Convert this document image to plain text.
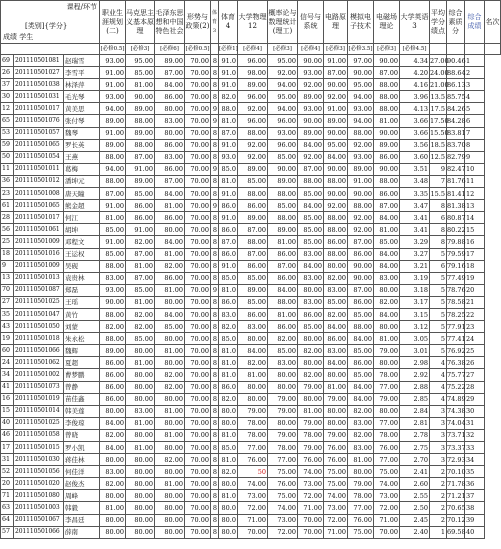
课程/环节
[类别]{学分}
成绩 学生			职业生涯规划(二)	马克思主义基本原理	毛泽东思想和中国特色社会	形势与政策(2)	体育3	体育4	大学物理12	概率论与数理统计(理工)	信号与系统	电路原理	模拟电子技术	电磁场理论	大学英语3	平均学分绩点	综合素质分	综合成绩	名次
			[必修0.5]	[必修3]	[必修6]	[必修0.5]		[必修1]	[必修4]	[必修3]	[必修4]	[必修3]	[必修3.5]	[必修3]	[必修4.5]				
69	201110501081	赵瑞雪	93.00	95.00	89.00	70.00	8	91.0	96.00	95.00	90.00	91.00	97.00	90.00	4.34	27.00	90.46	1	
26	201110501027	李雪平	91.00	85.00	87.00	70.00	8	91.0	98.00	92.00	93.00	87.00	90.00	87.00	4.20	24.00	88.64	2	
37	201110501038	林泽萍	91.00	81.00	84.00	70.00	8	91.0	89.00	94.00	92.00	90.00	95.00	88.00	4.16	21.00	86.13	3	
30	201110501031	毛光琴	93.00	90.00	86.00	70.00	8	82.0	96.00	95.00	89.00	92.00	94.00	88.00	3.96	13.5	85.75	4	
12	201110501017	黄美思	94.00	89.00	80.00	70.00	9	88.0	92.00	94.00	93.00	91.00	93.00	88.00	4.13	17.5	84.26	5	
65	201110501076	张付琴	89.00	88.00	83.00	70.00	9	81.0	96.00	96.00	90.00	89.00	94.00	81.00	3.66	17.50	84.28	6	
53	201110501057	魏琴	91.00	89.00	80.00	70.00	8	87.0	88.00	93.00	89.00	90.00	88.00	90.00	3.66	15.50	83.81	7	
59	201110501065	罗长英	89.00	88.00	86.00	70.00	8	91.0	92.00	96.00	84.00	95.00	92.00	89.00	3.56	18.5	83.70	8	
50	201110501054	王燕	88.00	87.00	83.00	70.00	8	93.0	92.00	85.00	92.00	84.00	93.00	86.00	3.60	12.5	82.79	9	
11	201110501011	葛梅	94.00	91.00	86.00	70.00	9	85.0	89.00	90.00	87.00	90.00	89.00	90.00	3.51	9	82.47	10	
36	201110501012	潘坤元	88.00	89.00	87.00	70.00	8	81.0	85.00	89.00	88.00	88.00	91.00	88.00	3.48	7	81.76	11	
23	201110501008	唐天瞳	87.00	85.00	84.00	70.00	8	91.0	88.00	88.00	85.00	90.00	90.00	86.00	3.35	15.5	81.41	12	
61	201110501065	熊金超	91.00	86.00	81.00	70.00	9	86.0	86.00	85.00	84.00	92.00	88.00	87.00	3.47	8	81.38	13	
28	201110501017	何江	81.00	86.00	86.00	70.00	8	91.0	89.00	88.00	85.00	88.00	92.00	84.00	3.41	6	80.87	14	
56	201110501061	胡坤	85.00	91.00	80.00	70.00	8	86.0	87.00	89.00	85.00	88.00	92.00	81.00	3.41	8	80.22	15	
25	201110501009	邓程文	91.00	82.00	84.00	70.00	8	87.0	88.00	81.00	85.00	86.00	87.00	85.00	3.29	8	79.88	16	
18	201110501016	王运权	85.00	87.00	81.00	70.00	8	86.0	87.00	86.00	83.00	88.00	86.00	84.00	3.27	5	79.59	17	
9	201110501009	吴砚	88.00	81.00	82.00	70.00	8	91.0	86.00	87.00	84.00	80.00	90.00	84.00	3.21	6	79.16	18	
13	201110501013	袁贵林	83.00	87.00	86.00	70.00	8	85.0	85.00	86.00	83.00	82.00	90.00	83.00	3.19	5	77.49	19	
70	201110501087	郑磊	93.00	85.00	81.00	70.00	9	81.0	89.00	84.00	80.00	83.00	87.00	80.00	3.18	5	78.76	20	
27	201110501025	王瑶	90.00	81.00	80.00	70.00	8	86.0	85.00	88.00	83.00	85.00	86.00	82.00	3.17	5	78.58	21	
35	201110501047	黄竹	88.00	82.00	84.00	70.00	8	83.0	86.00	81.00	86.00	82.00	85.00	84.00	3.15	5	78.25	22	
43	201110501050	刘蒙	82.00	82.00	85.00	70.00	8	82.0	83.00	86.00	85.00	84.00	88.00	80.00	3.12	5	77.91	23	
19	201110501018	朱永松	88.00	85.00	80.00	70.00	8	85.0	80.00	82.00	80.00	86.00	84.00	81.00	3.05	5	77.41	24	
60	201110501066	魏辉	89.00	80.00	81.00	70.00	8	81.0	84.00	85.00	82.00	83.00	85.00	79.00	3.01	5	76.92	25	
24	201110501062	夏超	86.00	81.00	80.00	70.00	8	81.0	82.00	83.00	80.00	84.00	86.00	80.00	2.98	4	76.38	26	
34	201110501002	曹梦鹏	86.00	80.00	82.00	70.00	8	81.0	81.00	80.00	82.00	80.00	85.00	78.00	2.92	4	75.77	27	
41	201110501073	曾静	86.00	80.00	82.00	70.00	8	86.0	80.00	80.00	79.00	81.00	84.00	77.00	2.88	4	75.22	28	
16	201110501019	苗佳鑫	86.00	80.00	80.00	70.00	8	82.0	80.00	79.00	80.00	79.00	84.00	79.00	2.85	4	74.89	29	
15	201110501014	韩美莲	80.00	83.00	81.00	70.00	8	80.0	79.00	79.00	81.00	80.00	82.00	80.00	2.84	3	74.38	30	
40	201110501025	李俊琼	84.00	81.00	80.00	70.00	8	80.0	78.00	80.00	79.00	80.00	83.00	77.00	2.81	3	74.04	31	
46	201110501058	曾晓	82.00	80.00	81.00	70.00	8	81.0	78.00	79.00	78.00	79.00	82.00	78.00	2.78	3	73.71	32	
17	201110501015	罗小凯	84.00	81.00	80.00	70.00	8	85.0	77.00	78.00	79.00	76.00	83.00	76.00	2.75	3	73.37	33	
31	201110501030	蒋佳林	80.00	80.00	82.00	70.00	8	81.0	76.00	77.00	76.00	76.00	81.00	77.00	2.70	3	72.93	34	
52	201110501056	何佳洋	83.00	80.00	80.00	70.00	8	82.0	50	75.00	74.00	75.00	80.00	75.00	2.41	2	70.10	35	
20	201110501020	赵俊杰	82.00	80.00	81.00	70.00	8	80.0	74.00	76.00	73.00	75.00	79.00	74.00	2.60	2	71.78	36	
71	201110501080	周峰	80.00	80.00	80.00	70.00	8	81.0	73.00	75.00	72.00	74.00	78.00	73.00	2.55	2	71.21	37	
63	201110501003	韩毅	81.00	80.00	80.00	70.00	8	80.0	72.00	74.00	71.00	73.00	77.00	72.00	2.50	2	70.65	38	
64	201110501067	李昌廷	80.00	80.00	80.00	70.00	8	80.0	71.00	73.00	70.00	72.00	76.00	71.00	2.45	2	70.12	39	
57	201110501066	薛南	80.00	80.00	80.00	70.00	8	80.0	70.00	72.00	70.00	71.00	75.00	70.00	2.40	1	69.58	40	
